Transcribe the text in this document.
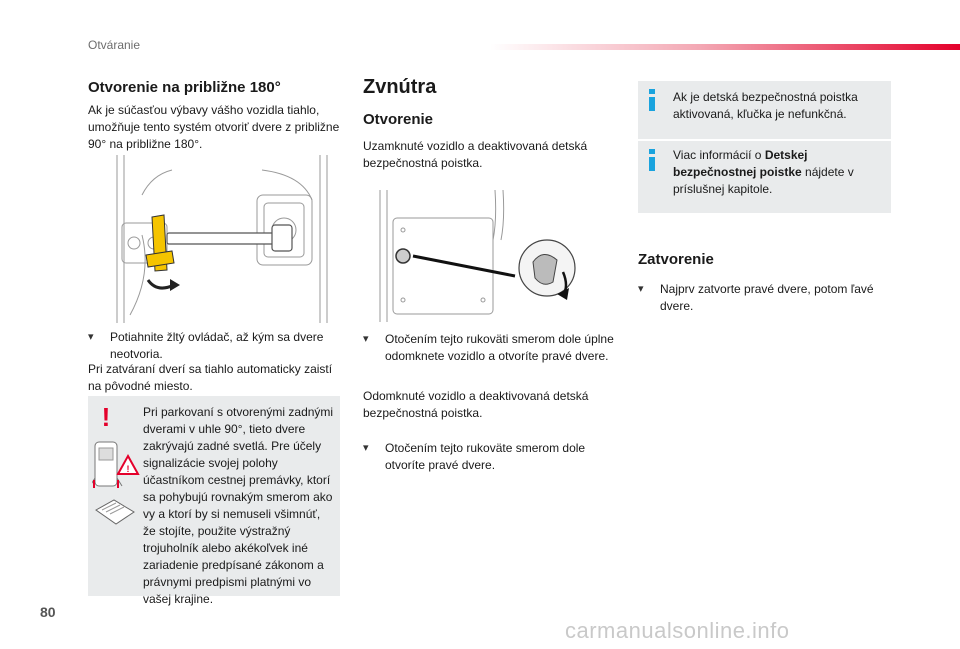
Otváranie
Otvorenie na približne 180°

Ak je súčasťou výbavy vášho vozidla tiahlo, umožňuje tento systém otvoriť dvere z približne 90° na približne 180°.

▾	Potiahnite žltý ovládač, až kým sa dvere neotvoria.

Pri zatváraní dverí sa tiahlo automaticky zaistí na pôvodné miesto.

!
!

Pri parkovaní s otvorenými zadnými dverami v uhle 90°, tieto dvere zakrývajú zadné svetlá. Pre účely signalizácie svojej polohy účastníkom cestnej premávky, ktorí sa pohybujú rovnakým smerom ako vy a ktorí by si nemuseli všimnúť, že stojíte, použite výstražný trojuholník alebo akékoľvek iné zariadenie predpísané zákonom a právnymi predpismi platnými vo vašej krajine.

Zvnútra
Otvorenie

Uzamknuté vozidlo a deaktivovaná detská bezpečnostná poistka.

▾	Otočením tejto rukoväti smerom dole úplne odomknete vozidlo a otvoríte pravé dvere.

Odomknuté vozidlo a deaktivovaná detská bezpečnostná poistka.

▾	Otočením tejto rukoväte smerom dole otvoríte pravé dvere.

Ak je detská bezpečnostná poistka aktivovaná, kľučka je nefunkčná.

Viac informácií o Detskej bezpečnostnej poistke nájdete v príslušnej kapitole.

Zatvorenie
▾	Najprv zatvorte pravé dvere, potom ľavé dvere.
80
carmanualsonline.info
